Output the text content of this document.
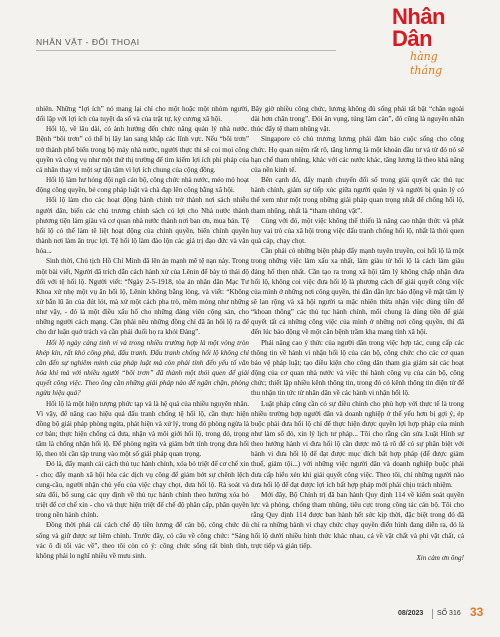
NHÂN VẬT - ĐỐI THOẠI
Nhân Dân
hàng tháng

nhiên. Những “lợi ích” nó mang lại chỉ cho một hoặc một nhóm người, đối lập với lợi ích của tuyệt đa số và của trật tự, kỷ cương xã hội.

Hối lộ, về lâu dài, có ảnh hưởng đến chức năng quản lý nhà nước. Bệnh “bôi trơn” có thể bị lây lan sang khắp các lĩnh vực. Nếu “bôi trơn” trở thành phổ biến trong bộ máy nhà nước, người thực thi sẽ coi mọi công quyền và công vụ như một thứ thị trường để tìm kiếm lợi ích phi pháp của cá nhân thay vì một sự tận tâm vì lợi ích chung của cộng đồng.

Hối lộ làm hư hỏng đội ngũ cán bộ, công chức nhà nước, méo mó hoạt động công quyền, bẻ cong pháp luật và chà đạp lên công bằng xã hội.

Hối lộ làm cho các hoạt động hành chính trở thành nơi sách nhiễu người dân, biến các chủ trương chính sách có lợi cho Nhà nước thành phương tiện làm giàu và cơ quan nhà nước thành nơi ban ơn, mua bán. Tệ hối lộ có thể làm tê liệt hoạt động của chính quyền, biến chính quyền thành nơi làm ăn trục lợi. Tệ hối lộ làm đảo lộn các giá trị đạo đức và văn hóa...

Sinh thời, Chủ tịch Hồ Chí Minh đã lên án mạnh mẽ tệ nạn này. Trong một bài viết, Người đã trích dẫn cách hành xử của Lênin để bày tỏ thái độ đối với tệ hối lộ. Người viết: “Ngày 2-5-1918, tòa án nhân dân Mạc Tư Khoa xử nhẹ một vụ ăn hối lộ, Lênin không bằng lòng, và viết: “Không xử bắn lũ ăn của đút lót, mà xử một cách pha trò, mềm mỏng như những như vậy, - đó là một điều xấu hổ cho những đảng viên cộng sản, cho những người cách mạng. Cần phải nêu những đồng chí đã ăn hối lộ ra để cho dư luận quở trách và cần phải đuổi họ ra khỏi Đảng”.

Hối lộ ngày càng tinh vi và trong nhiều trường hợp là một vòng tròn khép kín, rất khó công phá, đấu tranh. Đấu tranh chống hối lộ không chỉ cần đến sự nghiêm minh của pháp luật mà còn phải tính đến yếu tố văn hóa khi mà với nhiều người “bôi trơn” đã thành một thói quen để giải quyết công việc. Theo ông cần những giải pháp nào để ngăn chặn, phòng ngừa hiệu quả?

Hối lộ là một hiện tượng phức tạp và là hệ quả của nhiều nguyên nhân. Vì vậy, để nâng cao hiệu quả đấu tranh chống tệ hối lộ, cần thực hiện đồng bộ giải pháp phòng ngừa, phát hiện và xử lý, trong đó phòng ngừa là cơ bản; thực hiện chống cả đưa, nhận và môi giới hối lộ, trong đó, trọng tâm là chống nhận hối lộ. Để phòng ngừa và giảm bớt tính trọng đưa hối lộ, theo tôi cần tập trung vào một số giải pháp quan trọng.

Đó là, đẩy mạnh cải cách thủ tục hành chính, xóa bỏ triệt để cơ chế xin - cho; đẩy mạnh xã hội hóa các dịch vụ công để giảm bớt sự chênh lệch cung-cầu, người nhận chủ yếu của việc chạy chọt, đưa hối lộ. Rà soát và sửa đổi, bổ sung các quy định về thủ tục hành chính theo hướng xóa bỏ triệt để cơ chế xin - cho và thực hiện triệt để chế độ phân cấp, phân quyền trong nền hành chính.

Đồng thời phải cải cách chế độ tiền lương để cán bộ, công chức đủ sống và giữ được sự liêm chính. Trước đây, có câu về công chức: “Sáng vác ô đi tối vác về”, theo tôi còn có ý: công chức sống rất bình tĩnh, không phải lo nghĩ nhiều về mưu sinh.

Bây giờ nhiều công chức, lương không đủ sống phải tất bật “chân ngoài dài hơn chân trong”. Đói ăn vụng, túng làm càn”, đó cũng là nguyên nhân thúc đẩy tệ tham nhũng vặt.

Singapore có chủ trương lương phải đảm bảo cuộc sống cho công chức. Họ quan niệm rất rõ, tăng lương là một khoản đầu tư và từ đó nó sẽ hạn chế tham nhũng, khác với các nước khác, tăng lương là theo khả năng của nền kinh tế.

Bên cạnh đó, đẩy mạnh chuyển đổi số trong giải quyết các thủ tục hành chính, giảm sự tiếp xúc giữa người quản lý và người bị quản lý có thể xem như một trong những giải pháp quan trọng nhất để chống hối lộ, tham nhũng, nhất là “tham nhũng vặt”.

Cùng với đó, một việc không thể thiếu là nâng cao nhận thức và phát huy vai trò của xã hội trong việc đấu tranh chống hối lộ, nhất là thói quen quà cáp, chạy chọt.

Cần phải có những biện pháp đẩy mạnh tuyên truyền, coi hối lộ là một trong những việc làm xấu xa nhất, làm giàu từ hối lộ là cách làm giàu đáng hổ thẹn nhất. Cần tạo ra trong xã hội tâm lý không chấp nhận đưa hối lộ, không coi việc đưa hối lộ là phương cách để giải quyết công việc của mình ở những nơi công quyền, thì dần dần lực bảo động về mặt tâm lý sẽ lan rộng và xã hội người ta mặc nhiên thừa nhận việc dùng tiền để “khoan thông” các thủ tục hành chính, mối chung là dùng tiền để giải quyết tất cả những công việc của mình ở những nơi công quyền, thì đã đến lúc bảo động về một căn bệnh trầm kha mang tính xã hội.

Phải nâng cao ý thức của người dân trong việc hợp tác, cung cấp các thông tin về hành vi nhận hối lộ của cán bộ, công chức cho các cơ quan bảo vệ pháp luật; tạo điều kiện cho công dân tham gia giám sát các hoạt động của cơ quan nhà nước và việc thi hành công vụ của cán bộ, công chức; thiết lập nhiều kênh thông tin, trong đó có kênh thông tin điện tử để thu nhận tin tức từ nhân dân về các hành vi nhận hối lộ.

Luật pháp cũng cần có sự điều chỉnh cho phù hợp với thực tế là trong nhiều trường hợp người dân và doanh nghiệp ở thế yếu hơn bị gợi ý, ép buộc phải đưa hối lộ chỉ để thực hiện được quyền lợi hợp pháp của mình như làm sổ đỏ, xin lý lịch tư pháp... Tôi cho rằng cần sửa Luật Hình sự theo hướng hành vi đưa hối lộ cần được mô tả rõ để có sự phân biệt với hành vi đưa hối lộ để đạt được mục đích bất hợp pháp (để được giảm thuế, giảm tội...) với những việc người dân và doanh nghiệp buộc phải đưa cấp hiểu xén khi giải quyết công việc. Theo tôi, chỉ những người nào đưa hối lộ để đạt được lợi ích bất hợp pháp mới phải chịu trách nhiệm.

Mới đây, Bộ Chính trị đã ban hành Quy định 114 về kiểm soát quyền lực và phòng, chống tham nhũng, tiêu cực trong công tác cán bộ. Tôi cho rằng Quy định 114 được ban hành hết sức kịp thời, đặc biệt trong đó đã chỉ ra những hành vi chạy chức chạy quyền điển hình đang diễn ra, đó là hối lộ dưới nhiều hình thức khác nhau, cả về vật chất và phi vật chất, cả trực tiếp và gián tiếp.

Xin cảm ơn ông!

08/2023 SỐ 316 33
